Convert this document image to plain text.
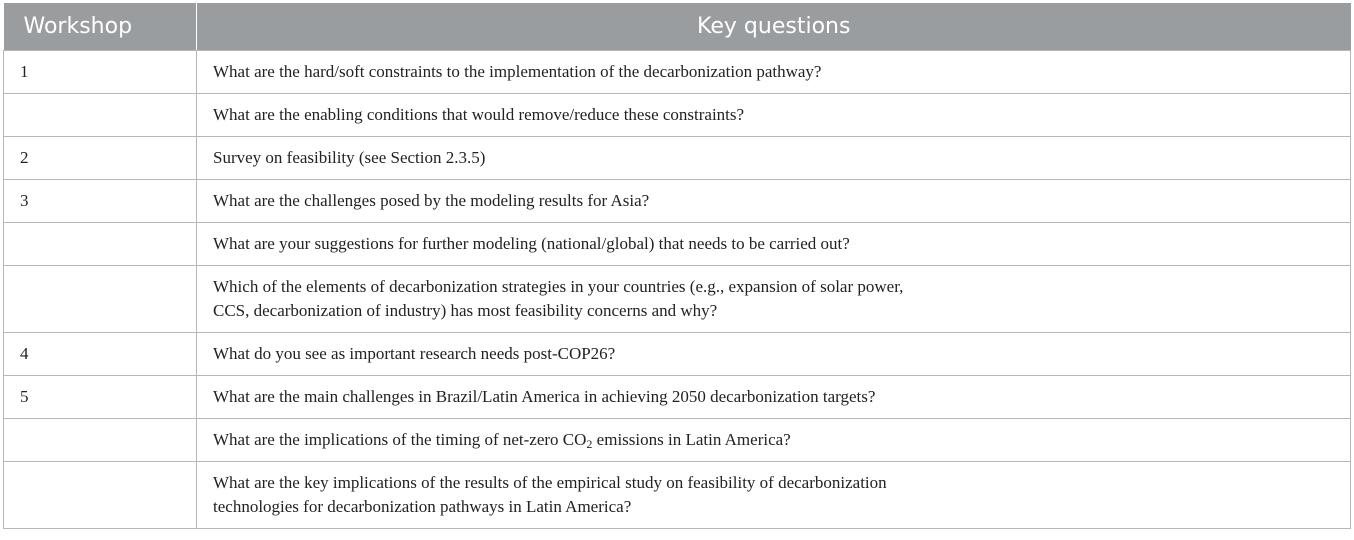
Workshop	Key questions
1	What are the hard/soft constraints to the implementation of the decarbonization pathway?
	What are the enabling conditions that would remove/reduce these constraints?
2	Survey on feasibility (see Section 2.3.5)
3	What are the challenges posed by the modeling results for Asia?
	What are your suggestions for further modeling (national/global) that needs to be carried out?
	Which of the elements of decarbonization strategies in your countries (e.g., expansion of solar power,
CCS, decarbonization of industry) has most feasibility concerns and why?
4	What do you see as important research needs post-COP26?
5	What are the main challenges in Brazil/Latin America in achieving 2050 decarbonization targets?
	What are the implications of the timing of net-zero $CO_2$ emissions in Latin America?
	What are the key implications of the results of the empirical study on feasibility of decarbonization
technologies for decarbonization pathways in Latin America?
